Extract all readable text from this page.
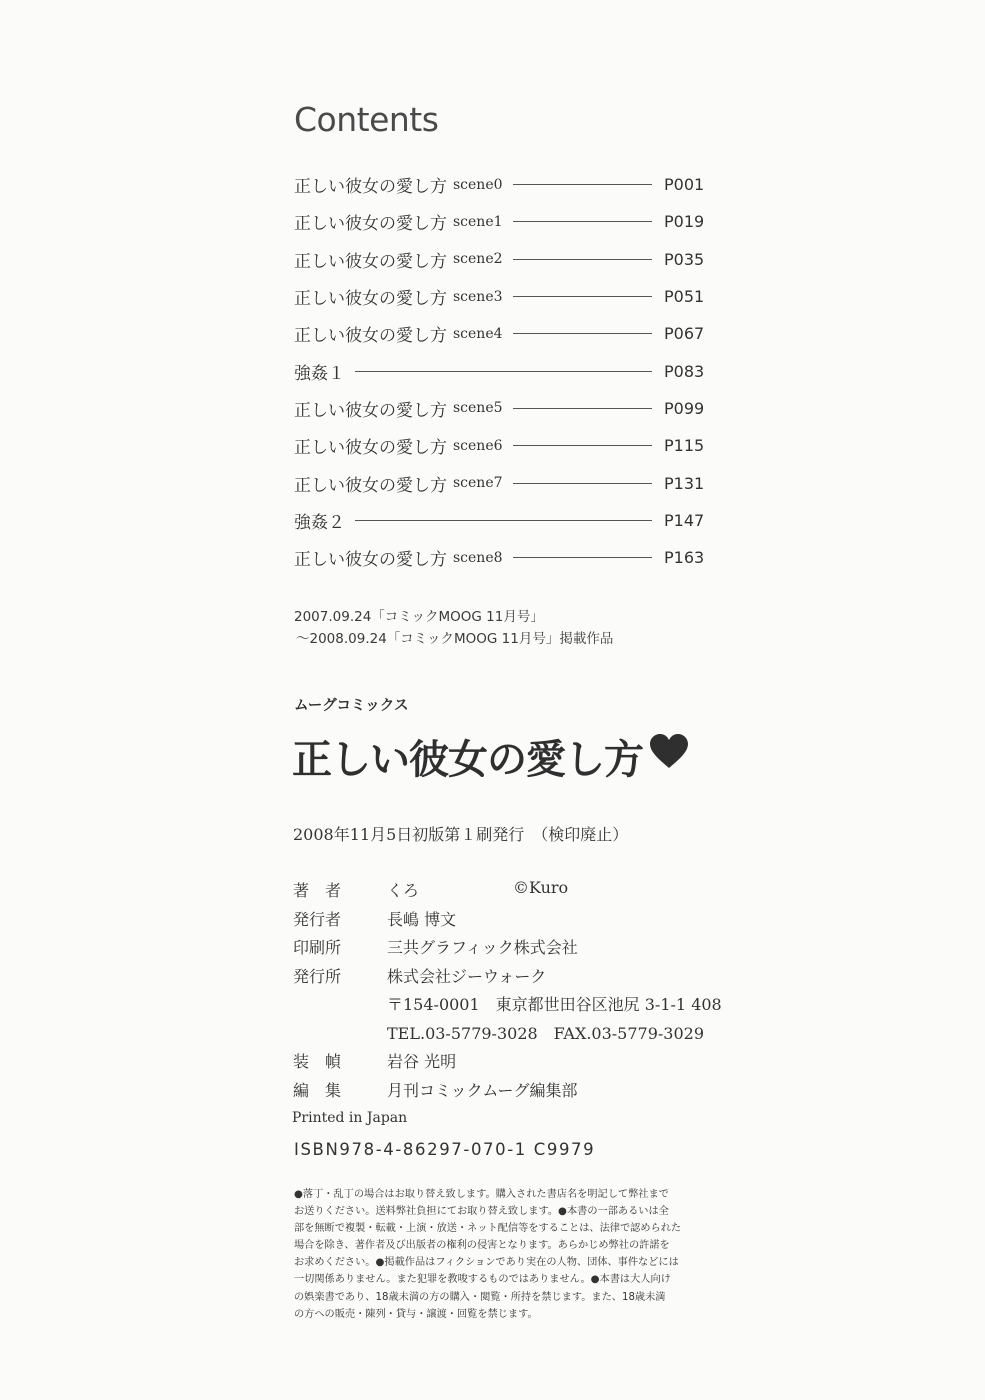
Contents
正しい彼女の愛し方 scene0	P001
正しい彼女の愛し方 scene1	P019
正しい彼女の愛し方 scene2	P035
正しい彼女の愛し方 scene3	P051
正しい彼女の愛し方 scene4	P067
強姦１	P083
正しい彼女の愛し方 scene5	P099
正しい彼女の愛し方 scene6	P115
正しい彼女の愛し方 scene7	P131
強姦２	P147
正しい彼女の愛し方 scene8	P163
2007.09.24「コミックMOOG 11月号」
～2008.09.24「コミックMOOG 11月号」掲載作品
ムーグコミックス
正しい彼女の愛し方
2008年11月5日初版第１刷発行　（検印廃止）
著　者	くろ	©Kuro
発行者	長嶋 博文
印刷所	三共グラフィック株式会社
発行所	株式会社ジーウォーク
〒154-0001　東京都世田谷区池尻 3-1-1 408
TEL.03-5779-3028　FAX.03-5779-3029
装　幀	岩谷 光明
編　集	月刊コミックムーグ編集部
Printed in Japan
ISBN978-4-86297-070-1 C9979

●落丁・乱丁の場合はお取り替え致します。購入された書店名を明記して弊社まで

お送りください。送料弊社負担にてお取り替え致します。●本書の一部あるいは全

部を無断で複製・転載・上演・放送・ネット配信等をすることは、法律で認められた

場合を除き、著作者及び出版者の権利の侵害となります。あらかじめ弊社の許諾を

お求めください。●掲載作品はフィクションであり実在の人物、団体、事件などには

一切関係ありません。また犯罪を教唆するものではありません。●本書は大人向け

の娯楽書であり、18歳未満の方の購入・閲覧・所持を禁じます。また、18歳未満

の方への販売・陳列・貸与・譲渡・回覧を禁じます。
